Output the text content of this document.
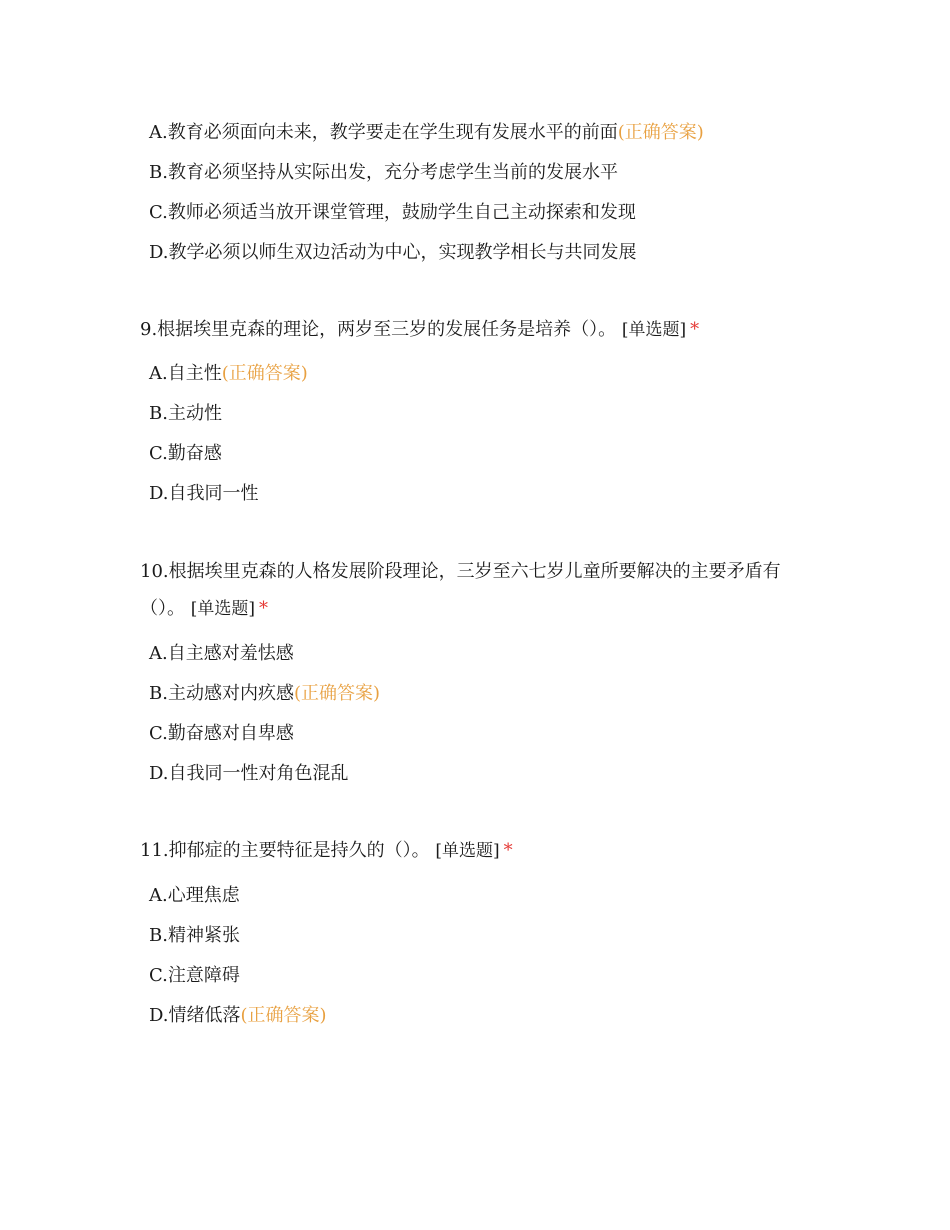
A.教育必须面向未来，教学要走在学生现有发展水平的前面(正确答案)
B.教育必须坚持从实际出发，充分考虑学生当前的发展水平
C.教师必须适当放开课堂管理，鼓励学生自己主动探索和发现
D.教学必须以师生双边活动为中心，实现教学相长与共同发展
9.根据埃里克森的理论，两岁至三岁的发展任务是培养（）。 [单选题] *
A.自主性(正确答案)
B.主动性
C.勤奋感
D.自我同一性
10.根据埃里克森的人格发展阶段理论，三岁至六七岁儿童所要解决的主要矛盾有（）。 [单选题] *
A.自主感对羞怯感
B.主动感对内疚感(正确答案)
C.勤奋感对自卑感
D.自我同一性对角色混乱
11.抑郁症的主要特征是持久的（）。 [单选题] *
A.心理焦虑
B.精神紧张
C.注意障碍
D.情绪低落(正确答案)
